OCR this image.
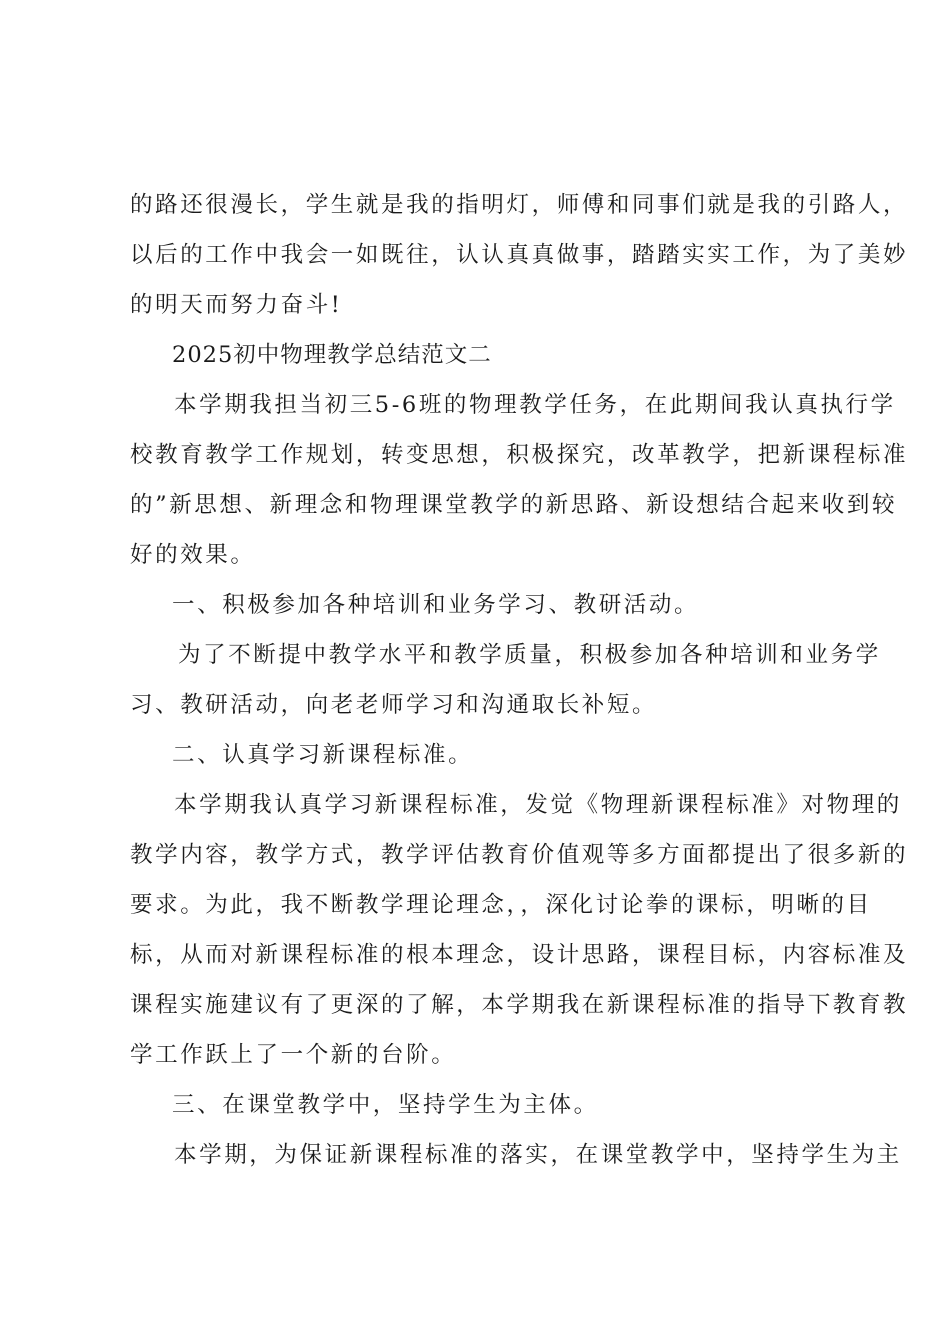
的路还很漫长，学生就是我的指明灯，师傅和同事们就是我的引路人，
以后的工作中我会一如既往，认认真真做事，踏踏实实工作，为了美妙
的明天而努力奋斗!
2025初中物理教学总结范文二
本学期我担当初三5-6班的物理教学任务，在此期间我认真执行学
校教育教学工作规划，转变思想，积极探究，改革教学，把新课程标准
的”新思想、新理念和物理课堂教学的新思路、新设想结合起来收到较
好的效果。
一、积极参加各种培训和业务学习、教研活动。
为了不断提中教学水平和教学质量，积极参加各种培训和业务学
习、教研活动，向老老师学习和沟通取长补短。
二、认真学习新课程标准。
本学期我认真学习新课程标准，发觉《物理新课程标准》对物理的
教学内容，教学方式，教学评估教育价值观等多方面都提出了很多新的
要求。为此，我不断教学理论理念，，深化讨论拳的课标，明晰的目
标，从而对新课程标准的根本理念，设计思路，课程目标，内容标准及
课程实施建议有了更深的了解，本学期我在新课程标准的指导下教育教
学工作跃上了一个新的台阶。
三、在课堂教学中，坚持学生为主体。
本学期，为保证新课程标准的落实，在课堂教学中，坚持学生为主
